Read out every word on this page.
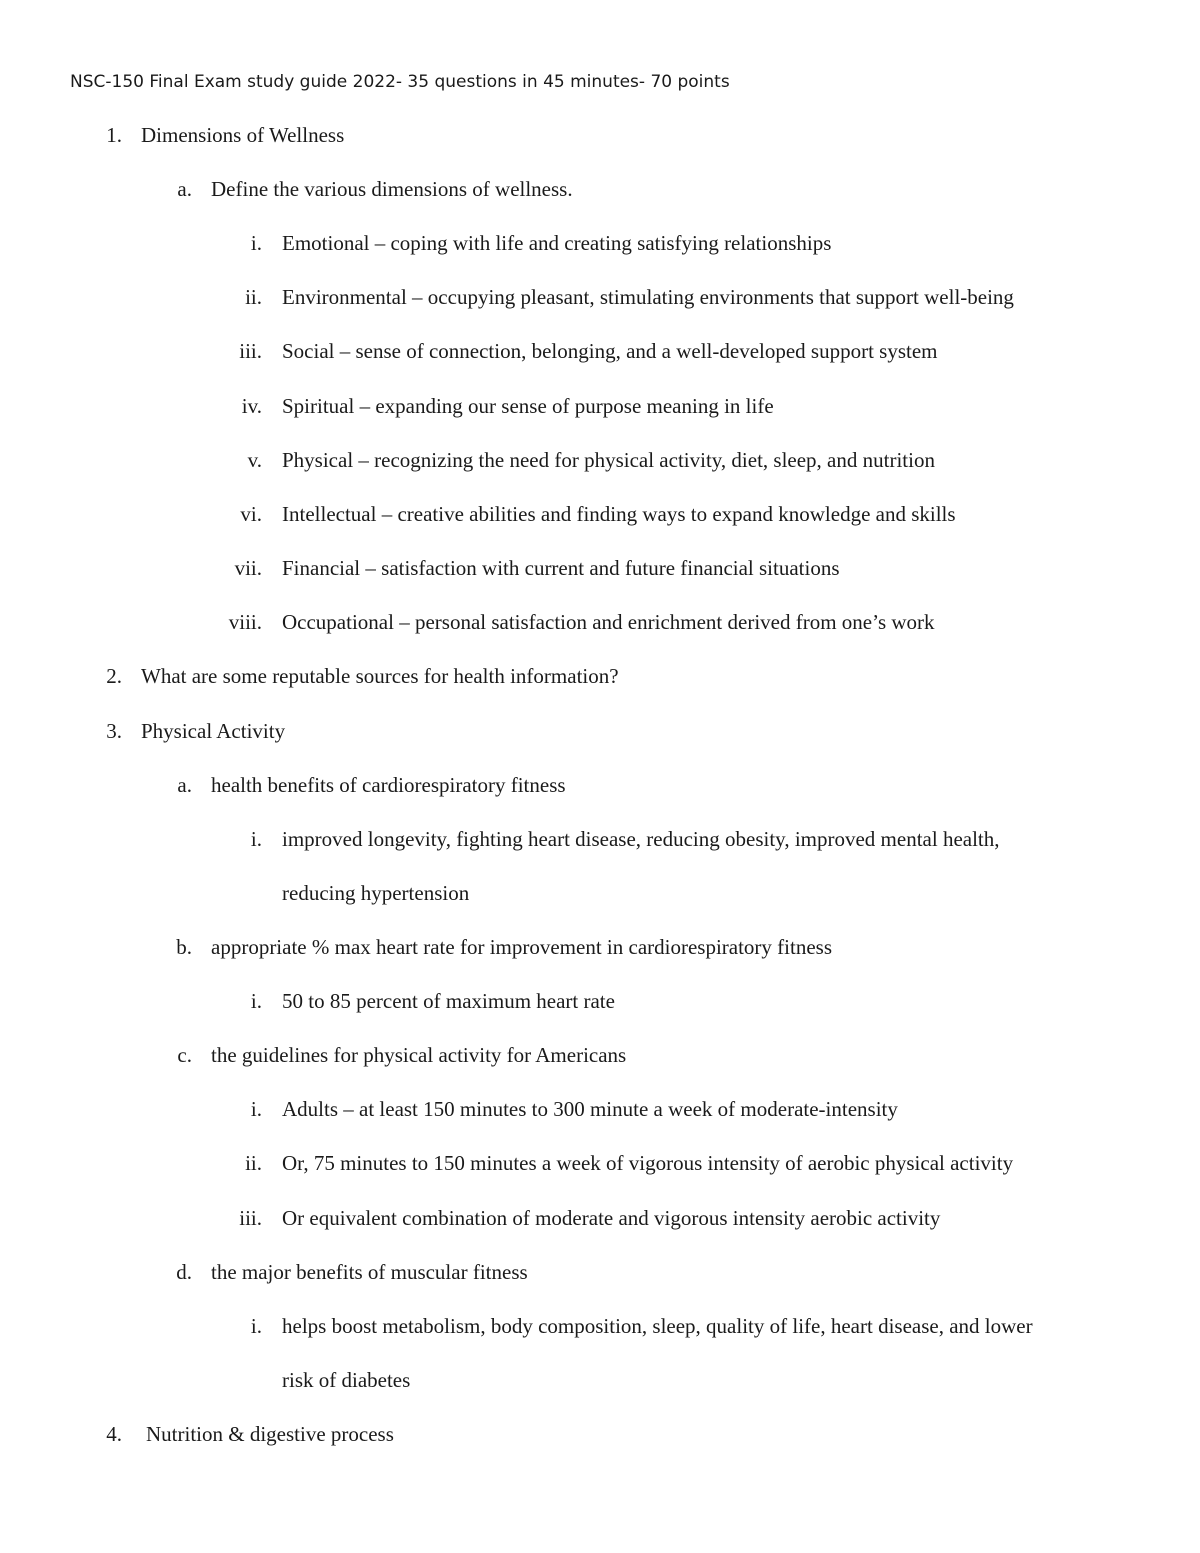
NSC-150 Final Exam study guide 2022- 35 questions in 45 minutes- 70 points
1. Dimensions of Wellness
a. Define the various dimensions of wellness.
i. Emotional – coping with life and creating satisfying relationships
ii. Environmental – occupying pleasant, stimulating environments that support well-being
iii. Social – sense of connection, belonging, and a well-developed support system
iv. Spiritual – expanding our sense of purpose meaning in life
v. Physical – recognizing the need for physical activity, diet, sleep, and nutrition
vi. Intellectual – creative abilities and finding ways to expand knowledge and skills
vii. Financial – satisfaction with current and future financial situations
viii. Occupational – personal satisfaction and enrichment derived from one’s work
2. What are some reputable sources for health information?
3. Physical Activity
a. health benefits of cardiorespiratory fitness
i. improved longevity, fighting heart disease, reducing obesity, improved mental health,
reducing hypertension
b. appropriate % max heart rate for improvement in cardiorespiratory fitness
i. 50 to 85 percent of maximum heart rate
c. the guidelines for physical activity for Americans
i. Adults – at least 150 minutes to 300 minute a week of moderate-intensity
ii. Or, 75 minutes to 150 minutes a week of vigorous intensity of aerobic physical activity
iii. Or equivalent combination of moderate and vigorous intensity aerobic activity
d. the major benefits of muscular fitness
i. helps boost metabolism, body composition, sleep, quality of life, heart disease, and lower
risk of diabetes
4. Nutrition & digestive process
